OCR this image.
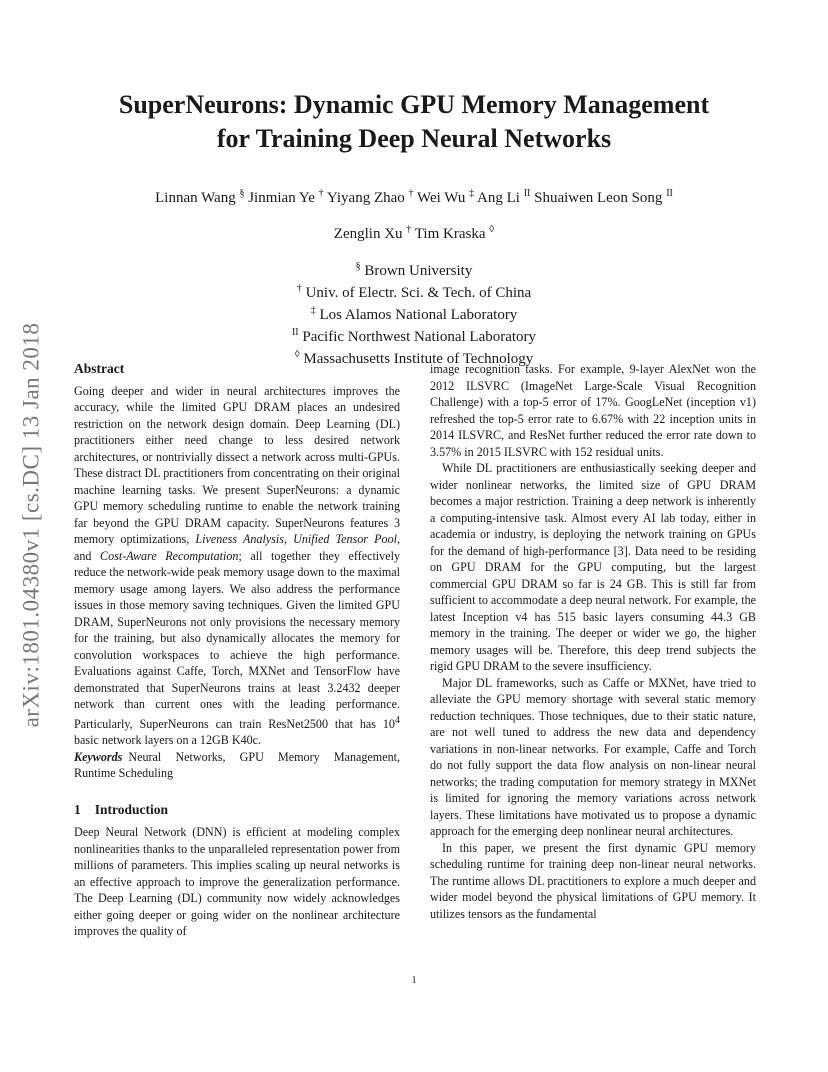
arXiv:1801.04380v1 [cs.DC] 13 Jan 2018
SuperNeurons: Dynamic GPU Memory Management
for Training Deep Neural Networks
Linnan Wang § Jinmian Ye † Yiyang Zhao † Wei Wu ‡ Ang Li $^{II}$ Shuaiwen Leon Song $^{II}$
Zenglin Xu † Tim Kraska ◊
§ Brown University
† Univ. of Electr. Sci. & Tech. of China
‡ Los Alamos National Laboratory
$^{II}$ Pacific Northwest National Laboratory
◊ Massachusetts Institute of Technology
Abstract

Going deeper and wider in neural architectures improves the accuracy, while the limited GPU DRAM places an undesired restriction on the network design domain. Deep Learning (DL) practitioners either need change to less desired network architectures, or nontrivially dissect a network across multi-GPUs. These distract DL practitioners from concentrating on their original machine learning tasks. We present SuperNeurons: a dynamic GPU memory scheduling runtime to enable the network training far beyond the GPU DRAM capacity. SuperNeurons features 3 memory optimizations, Liveness Analysis, Unified Tensor Pool, and Cost-Aware Recomputation; all together they effectively reduce the network-wide peak memory usage down to the maximal memory usage among layers. We also address the performance issues in those memory saving techniques. Given the limited GPU DRAM, SuperNeurons not only provisions the necessary memory for the training, but also dynamically allocates the memory for convolution workspaces to achieve the high performance. Evaluations against Caffe, Torch, MXNet and TensorFlow have demonstrated that SuperNeurons trains at least 3.2432 deeper network than current ones with the leading performance. Particularly, SuperNeurons can train ResNet2500 that has $10^4$ basic network layers on a 12GB K40c.

Keywords Neural Networks, GPU Memory Management, Runtime Scheduling

1 Introduction

Deep Neural Network (DNN) is efficient at modeling complex nonlinearities thanks to the unparalleled representation power from millions of parameters. This implies scaling up neural networks is an effective approach to improve the generalization performance. The Deep Learning (DL) community now widely acknowledges either going deeper or going wider on the nonlinear architecture improves the quality of

image recognition tasks. For example, 9-layer AlexNet won the 2012 ILSVRC (ImageNet Large-Scale Visual Recognition Challenge) with a top-5 error of 17%. GoogLeNet (inception v1) refreshed the top-5 error rate to 6.67% with 22 inception units in 2014 ILSVRC, and ResNet further reduced the error rate down to 3.57% in 2015 ILSVRC with 152 residual units.

While DL practitioners are enthusiastically seeking deeper and wider nonlinear networks, the limited size of GPU DRAM becomes a major restriction. Training a deep network is inherently a computing-intensive task. Almost every AI lab today, either in academia or industry, is deploying the network training on GPUs for the demand of high-performance [3]. Data need to be residing on GPU DRAM for the GPU computing, but the largest commercial GPU DRAM so far is 24 GB. This is still far from sufficient to accommodate a deep neural network. For example, the latest Inception v4 has 515 basic layers consuming 44.3 GB memory in the training. The deeper or wider we go, the higher memory usages will be. Therefore, this deep trend subjects the rigid GPU DRAM to the severe insufficiency.

Major DL frameworks, such as Caffe or MXNet, have tried to alleviate the GPU memory shortage with several static memory reduction techniques. Those techniques, due to their static nature, are not well tuned to address the new data and dependency variations in non-linear networks. For example, Caffe and Torch do not fully support the data flow analysis on non-linear neural networks; the trading computation for memory strategy in MXNet is limited for ignoring the memory variations across network layers. These limitations have motivated us to propose a dynamic approach for the emerging deep nonlinear neural architectures.

In this paper, we present the first dynamic GPU memory scheduling runtime for training deep non-linear neural networks. The runtime allows DL practitioners to explore a much deeper and wider model beyond the physical limitations of GPU memory. It utilizes tensors as the fundamental

1
